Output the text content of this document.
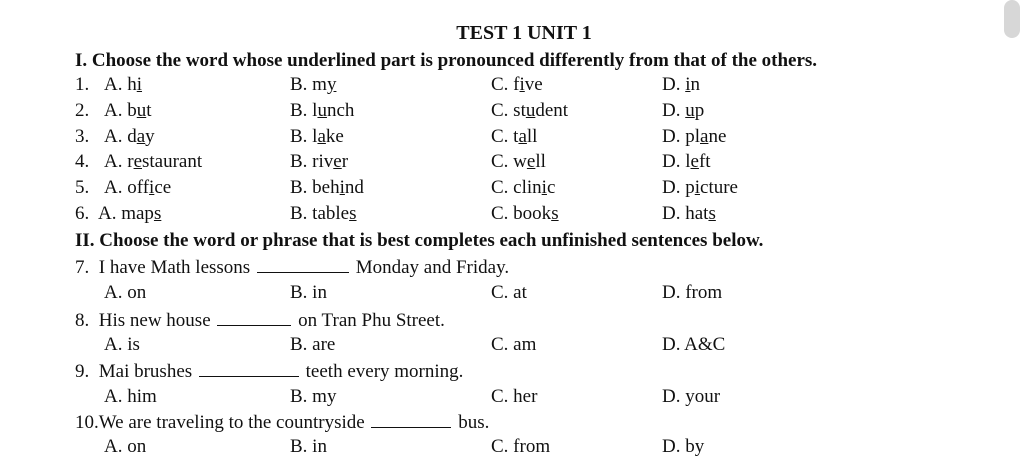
TEST 1 UNIT 1
I. Choose the word whose underlined part is pronounced differently from that of the others.
1. A. hi	B. my	C. five	D. in
2. A. but	B. lunch	C. student	D. up
3. A. day	B. lake	C. tall	D. plane
4. A. restaurant	B. river	C. well	D. left
5. A. office	B. behind	C. clinic	D. picture
6. A. maps	B. tables	C. books	D. hats
II. Choose the word or phrase that is best completes each unfinished sentences below.
7. I have Math lessons	Monday and Friday.
A. on	B. in	C. at	D. from
8. His new house	on Tran Phu Street.
A. is	B. are	C. am	D. A&C
9. Mai brushes	teeth every morning.
A. him	B. my	C. her	D. your
10.We are traveling to the countryside	bus.
A. on	B. in	C. from	D. by
